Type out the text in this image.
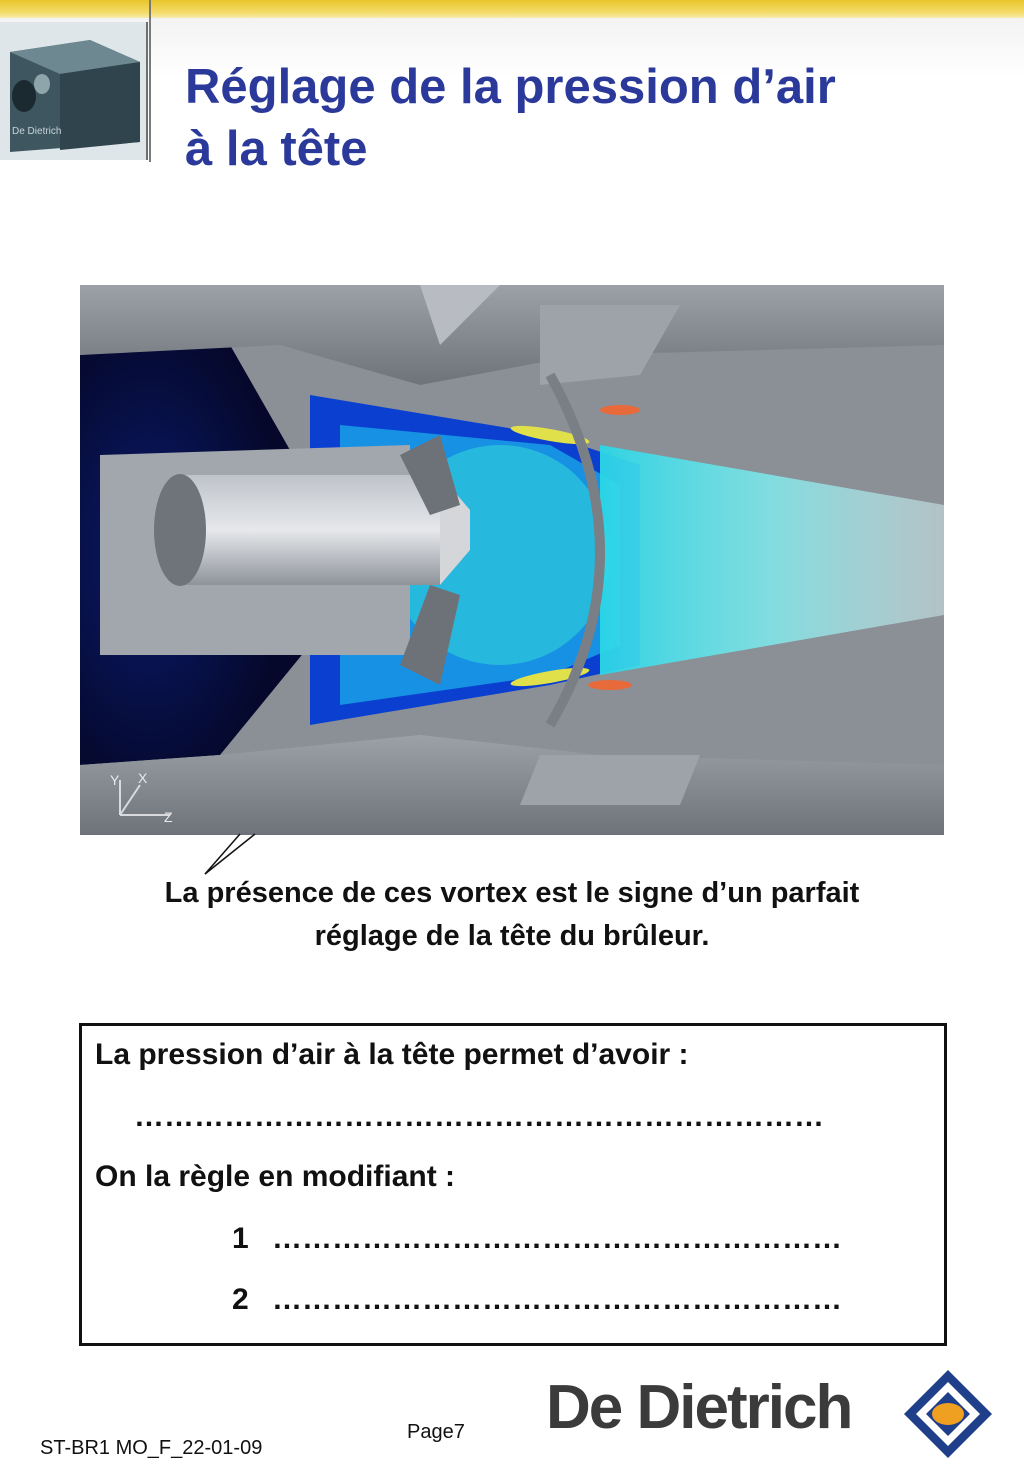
De Dietrich
Réglage de la pression d’air
à la tête
Y X
Z
La présence de ces vortex est le signe d’un parfait
réglage de la tête du brûleur.
La pression d’air à la tête permet d’avoir :
……………………………………………………………
On la règle en modifiant :
1 …………………………………………………
2 …………………………………………………
Page7
ST-BR1 MO_F_22-01-09
De Dietrich
